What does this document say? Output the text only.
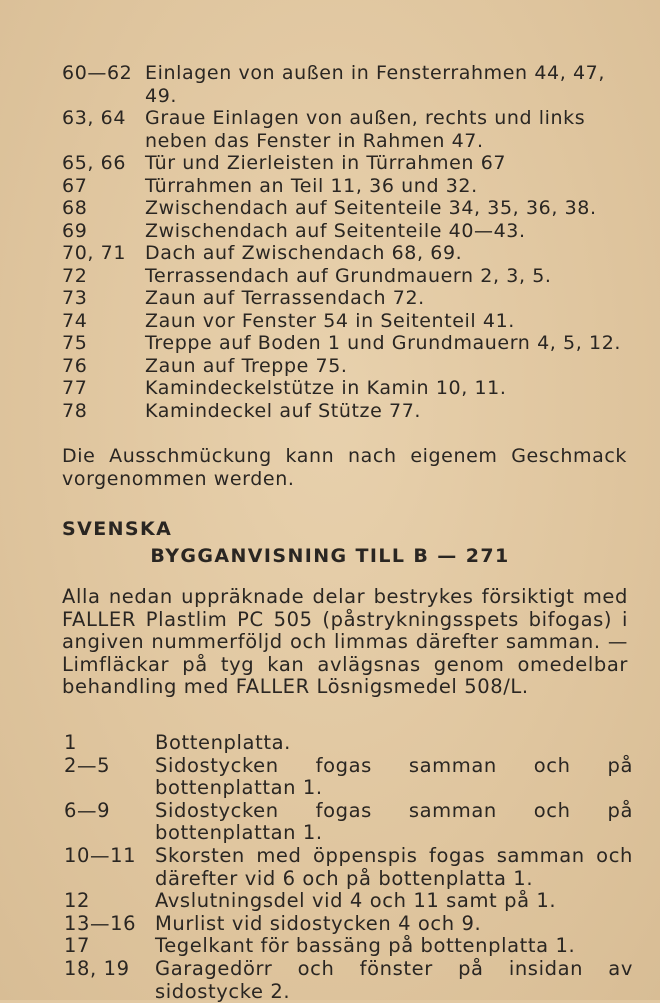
60—62 Einlagen von außen in Fensterrahmen 44, 47, 49.
63, 64 Graue Einlagen von außen, rechts und links neben das Fenster in Rahmen 47.
65, 66 Tür und Zierleisten in Türrahmen 67
67	Türrahmen an Teil 11, 36 und 32.
68	Zwischendach auf Seitenteile 34, 35, 36, 38.
69	Zwischendach auf Seitenteile 40—43.
70, 71 Dach auf Zwischendach 68, 69.
72	Terrassendach auf Grundmauern 2, 3, 5.
73	Zaun auf Terrassendach 72.
74	Zaun vor Fenster 54 in Seitenteil 41.
75	Treppe auf Boden 1 und Grundmauern 4, 5, 12.
76	Zaun auf Treppe 75.
77	Kamindeckelstütze in Kamin 10, 11.
78	Kamindeckel auf Stütze 77.

Die Ausschmückung kann nach eigenem Geschmack vorgenommen werden.

SVENSKA
BYGGANVISNING TILL B — 271

Alla nedan uppräknade delar bestrykes försiktigt med FALLER Plastlim PC 505 (påstrykningsspets bifogas) i angiven nummerföljd och limmas därefter samman. — Limfläckar på tyg kan avlägsnas genom omedelbar behandling med FALLER Lösnigsmedel 508/L.

1	Bottenplatta.
2—5 Sidostycken fogas samman och på bottenplattan 1.
6—9 Sidostycken fogas samman och på bottenplattan 1.
10—11 Skorsten med öppenspis fogas samman och därefter vid 6 och på bottenplatta 1.
12	Avslutningsdel vid 4 och 11 samt på 1.
13—16 Murlist vid sidostycken 4 och 9.
17	Tegelkant för bassäng på bottenplatta 1.
18, 19 Garagedörr och fönster på insidan av sidostycke 2.
